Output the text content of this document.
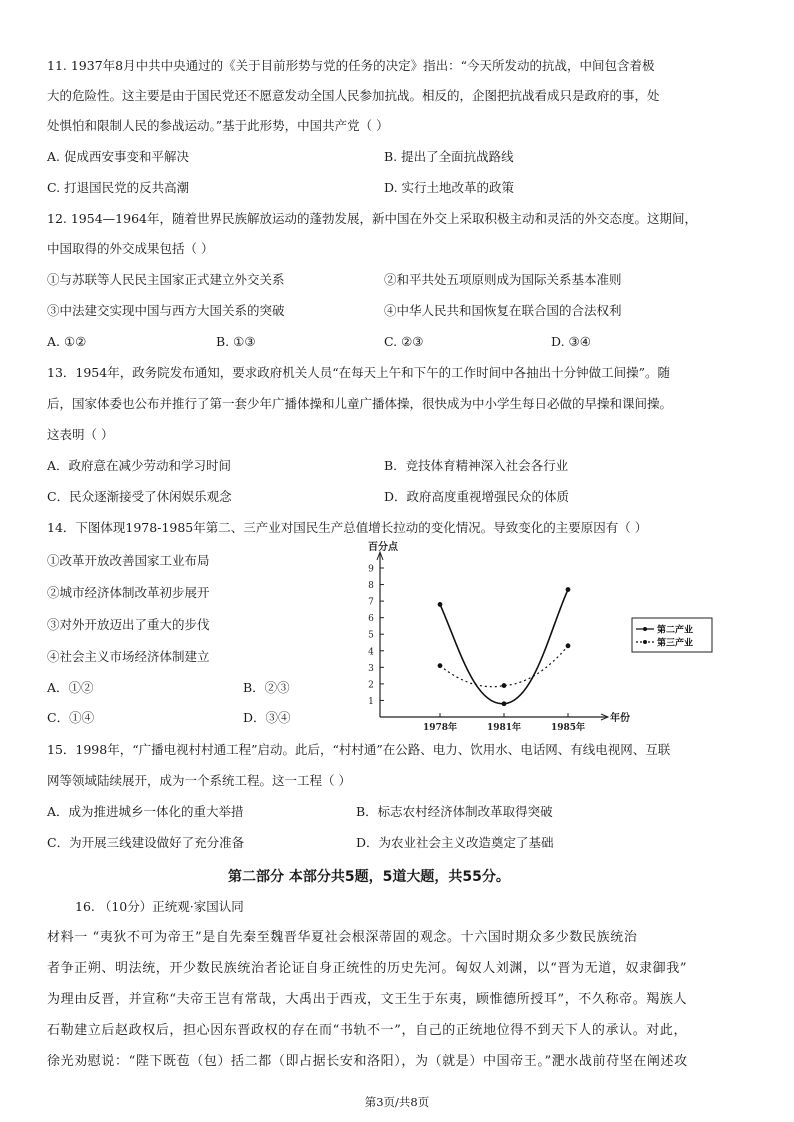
11. 1937年8月中共中央通过的《关于目前形势与党的任务的决定》指出：“今天所发动的抗战，中间包含着极
大的危险性。这主要是由于国民党还不愿意发动全国人民参加抗战。相反的，企图把抗战看成只是政府的事，处
处惧怕和限制人民的参战运动。”基于此形势，中国共产党（ ）
A. 促成西安事变和平解决	B. 提出了全面抗战路线
C. 打退国民党的反共高潮	D. 实行土地改革的政策
12. 1954—1964年，随着世界民族解放运动的蓬勃发展，新中国在外交上采取积极主动和灵活的外交态度。这期间，
中国取得的外交成果包括（ ）
①与苏联等人民民主国家正式建立外交关系	②和平共处五项原则成为国际关系基本准则
③中法建交实现中国与西方大国关系的突破	④中华人民共和国恢复在联合国的合法权利
A. ①②	B. ①③	C. ②③	D. ③④
13．1954年，政务院发布通知，要求政府机关人员“在每天上午和下午的工作时间中各抽出十分钟做工间操”。随
后，国家体委也公布并推行了第一套少年广播体操和儿童广播体操，很快成为中小学生每日必做的早操和课间操。
这表明（ ）
A．政府意在减少劳动和学习时间	B．竞技体育精神深入社会各行业
C．民众逐渐接受了休闲娱乐观念	D．政府高度重视增强民众的体质
14．下图体现1978-1985年第二、三产业对国民生产总值增长拉动的变化情况。导致变化的主要原因有（ ）
①改革开放改善国家工业布局
②城市经济体制改革初步展开
③对外开放迈出了重大的步伐
④社会主义市场经济体制建立
A．①②	B．②③
C．①④	D．③④
百分点
年份
1
2
3
4
5
6
7
8
9
1978年	1981年	1985年
第二产业
第三产业
15．1998年，“广播电视村村通工程”启动。此后，“村村通”在公路、电力、饮用水、电话网、有线电视网、互联
网等领域陆续展开，成为一个系统工程。这一工程（ ）
A．成为推进城乡一体化的重大举措	B．标志农村经济体制改革取得突破
C．为开展三线建设做好了充分准备	D．为农业社会主义改造奠定了基础
第二部分 本部分共5题，5道大题，共55分。
16. （10分）正统观·家国认同
材料一 “夷狄不可为帝王”是自先秦至魏晋华夏社会根深蒂固的观念。十六国时期众多少数民族统治
者争正朔、明法统，开少数民族统治者论证自身正统性的历史先河。匈奴人刘渊，以“晋为无道，奴隶御我”
为理由反晋，并宣称“夫帝王岂有常哉，大禹出于西戎，文王生于东夷，顾惟德所授耳”，不久称帝。羯族人
石勒建立后赵政权后，担心因东晋政权的存在而“书轨不一”，自己的正统地位得不到天下人的承认。对此，
徐光劝慰说：“陛下既苞（包）括二都（即占据长安和洛阳），为（就是）中国帝王。”淝水战前苻坚在阐述攻
第3页/共8页
